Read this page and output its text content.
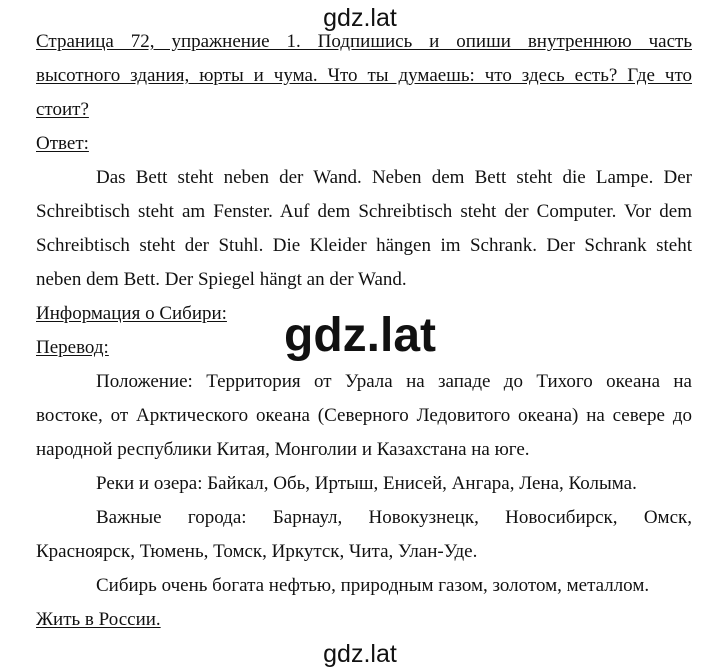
gdz.lat
Страница 72, упражнение 1. Подпишись и опиши внутреннюю часть
высотного здания, юрты и чума. Что ты думаешь: что здесь есть? Где что
стоит?
Ответ:
Das Bett steht neben der Wand. Neben dem Bett steht die Lampe. Der
Schreibtisch steht am Fenster. Auf dem Schreibtisch steht der Computer. Vor dem
Schreibtisch steht der Stuhl. Die Kleider hängen im Schrank. Der Schrank steht
neben dem Bett. Der Spiegel hängt an der Wand.
Информация о Сибири:
Перевод:
Положение: Территория от Урала на западе до Тихого океана на
востоке, от Арктического океана (Северного Ледовитого океана) на севере до
народной республики Китая, Монголии и Казахстана на юге.
Реки и озера: Байкал, Обь, Иртыш, Енисей, Ангара, Лена, Колыма.
Важные города: Барнаул, Новокузнецк, Новосибирск, Омск,
Красноярск, Тюмень, Томск, Иркутск, Чита, Улан-Уде.
Сибирь очень богата нефтью, природным газом, золотом, металлом.
Жить в России.
gdz.lat
gdz.lat
